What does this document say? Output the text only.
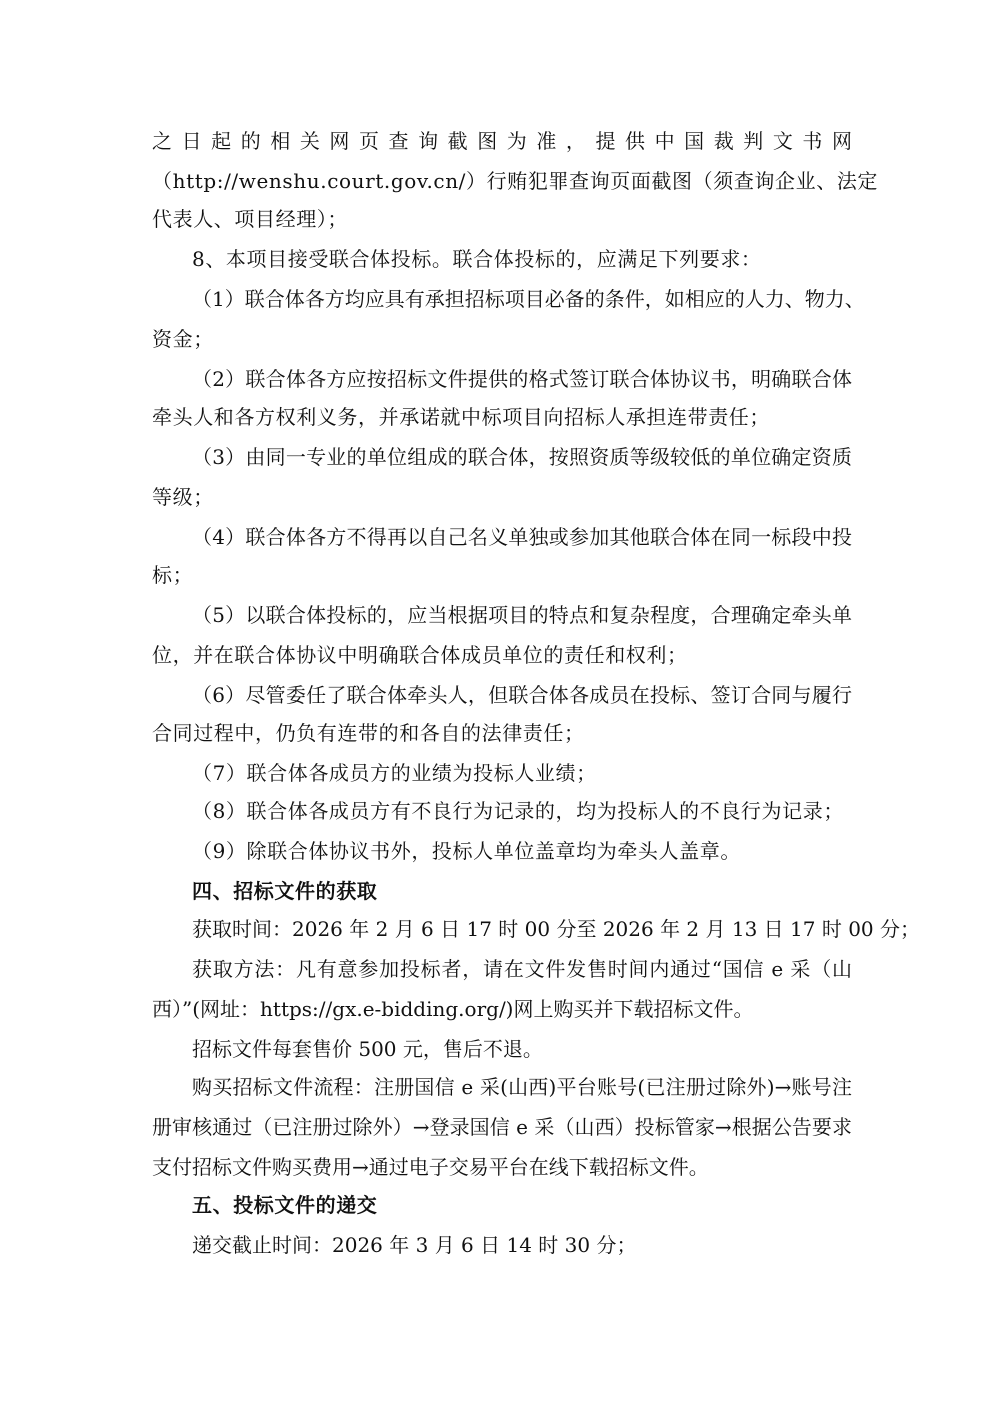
之日起的相关网页查询截图为准，提供中国裁判文书网
（http://wenshu.court.gov.cn/）行贿犯罪查询页面截图（须查询企业、法定
代表人、项目经理）；
8、本项目接受联合体投标。联合体投标的，应满足下列要求：
（1）联合体各方均应具有承担招标项目必备的条件，如相应的人力、物力、
资金；
（2）联合体各方应按招标文件提供的格式签订联合体协议书，明确联合体
牵头人和各方权利义务，并承诺就中标项目向招标人承担连带责任；
（3）由同一专业的单位组成的联合体，按照资质等级较低的单位确定资质
等级；
（4）联合体各方不得再以自己名义单独或参加其他联合体在同一标段中投
标；
（5）以联合体投标的，应当根据项目的特点和复杂程度，合理确定牵头单
位，并在联合体协议中明确联合体成员单位的责任和权利；
（6）尽管委任了联合体牵头人，但联合体各成员在投标、签订合同与履行
合同过程中，仍负有连带的和各自的法律责任；
（7）联合体各成员方的业绩为投标人业绩；
（8）联合体各成员方有不良行为记录的，均为投标人的不良行为记录；
（9）除联合体协议书外，投标人单位盖章均为牵头人盖章。
四、招标文件的获取
获取时间：2026 年 2 月 6 日 17 时 00 分至 2026 年 2 月 13 日 17 时 00 分；
获取方法：凡有意参加投标者，请在文件发售时间内通过“国信 e 采（山
西）”(网址：https://gx.e-bidding.org/)网上购买并下载招标文件。
招标文件每套售价 500 元，售后不退。
购买招标文件流程：注册国信 e 采(山西)平台账号(已注册过除外)→账号注
册审核通过（已注册过除外）→登录国信 e 采（山西）投标管家→根据公告要求
支付招标文件购买费用→通过电子交易平台在线下载招标文件。
五、投标文件的递交
递交截止时间：2026 年 3 月 6 日 14 时 30 分；
